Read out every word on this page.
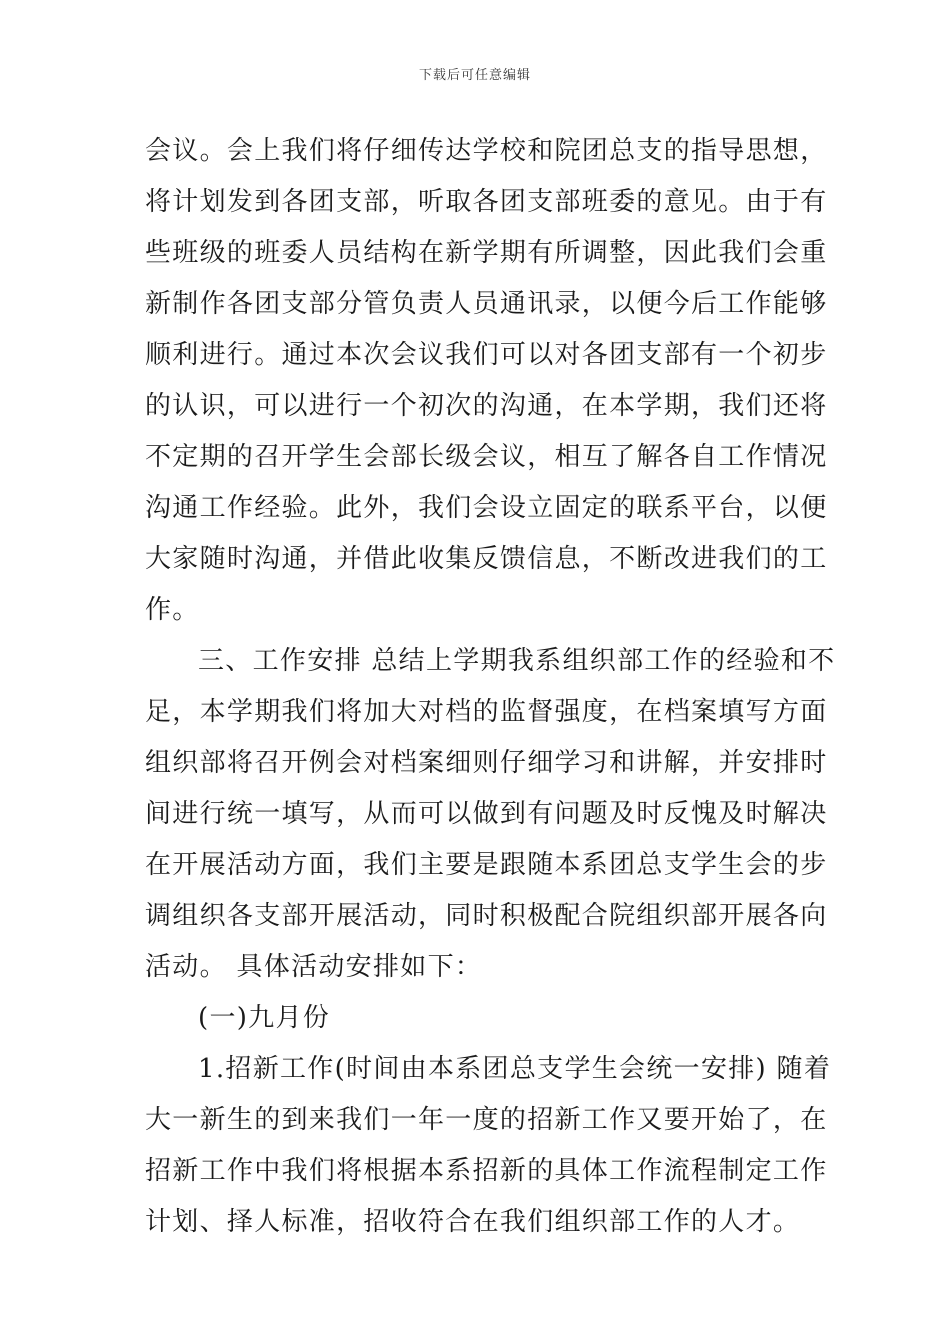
下载后可任意编辑
会议。会上我们将仔细传达学校和院团总支的指导思想，
将计划发到各团支部，听取各团支部班委的意见。由于有
些班级的班委人员结构在新学期有所调整，因此我们会重
新制作各团支部分管负责人员通讯录，以便今后工作能够
顺利进行。通过本次会议我们可以对各团支部有一个初步
的认识，可以进行一个初次的沟通，在本学期，我们还将
不定期的召开学生会部长级会议，相互了解各自工作情况
沟通工作经验。此外，我们会设立固定的联系平台，以便
大家随时沟通，并借此收集反馈信息，不断改进我们的工
作。
三、工作安排 总结上学期我系组织部工作的经验和不
足，本学期我们将加大对档的监督强度，在档案填写方面
组织部将召开例会对档案细则仔细学习和讲解，并安排时
间进行统一填写，从而可以做到有问题及时反愧及时解决
在开展活动方面，我们主要是跟随本系团总支学生会的步
调组织各支部开展活动，同时积极配合院组织部开展各向
活动。 具体活动安排如下：
(一)九月份
1.招新工作(时间由本系团总支学生会统一安排) 随着
大一新生的到来我们一年一度的招新工作又要开始了，在
招新工作中我们将根据本系招新的具体工作流程制定工作
计划、择人标准，招收符合在我们组织部工作的人才。
